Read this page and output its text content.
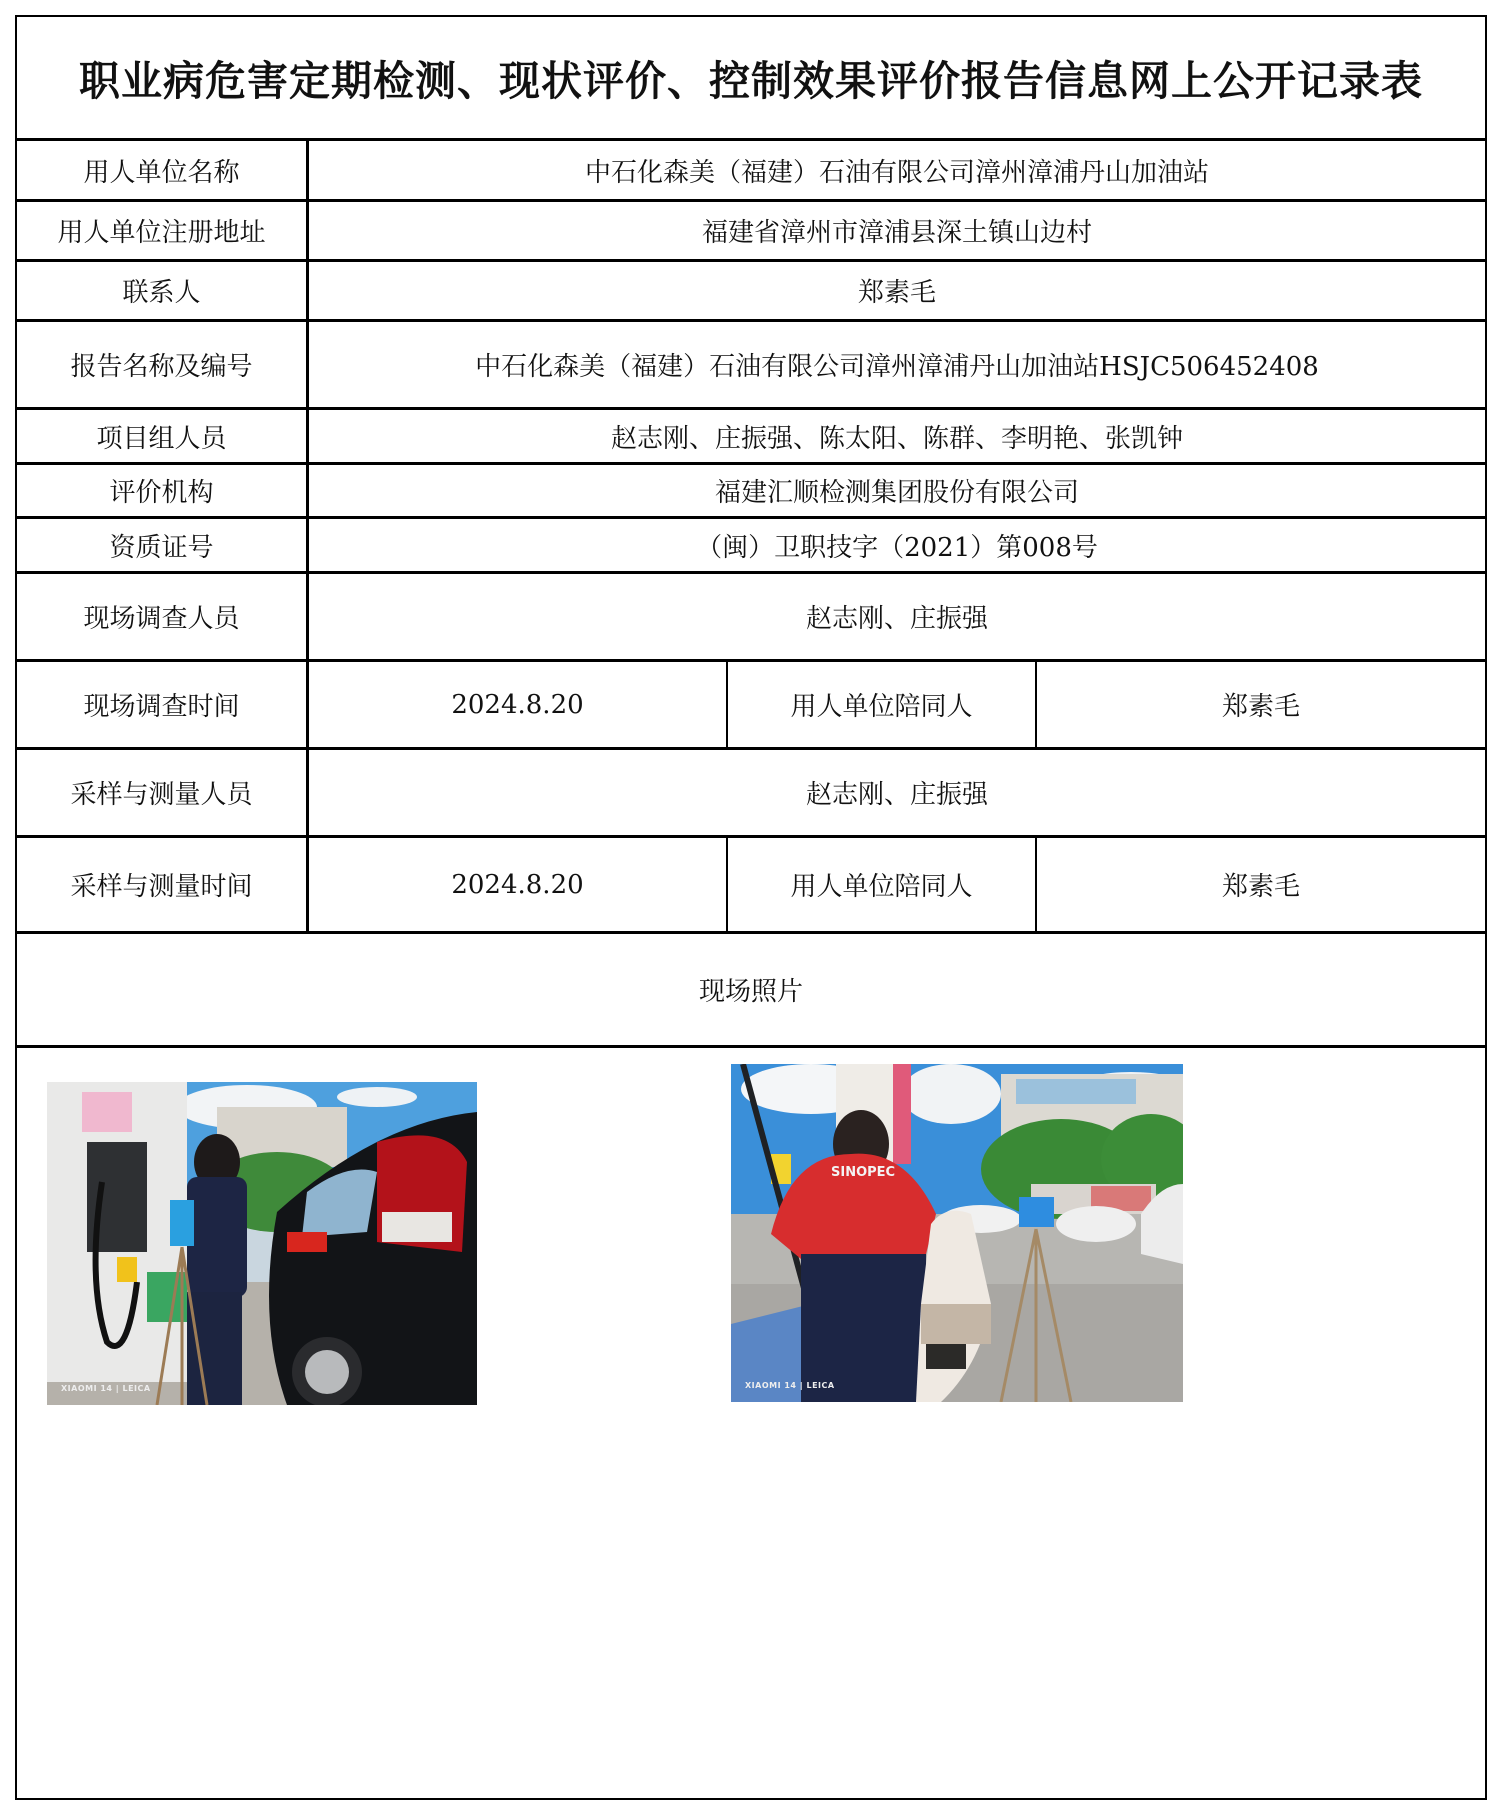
职业病危害定期检测、现状评价、控制效果评价报告信息网上公开记录表
用人单位名称	中石化森美（福建）石油有限公司漳州漳浦丹山加油站
用人单位注册地址	福建省漳州市漳浦县深土镇山边村
联系人	郑素毛
报告名称及编号	中石化森美（福建）石油有限公司漳州漳浦丹山加油站HSJC506452408
项目组人员	赵志刚、庄振强、陈太阳、陈群、李明艳、张凯钟
评价机构	福建汇顺检测集团股份有限公司
资质证号	（闽）卫职技字（2021）第008号
现场调查人员	赵志刚、庄振强
现场调查时间	2024.8.20	用人单位陪同人	郑素毛
采样与测量人员	赵志刚、庄振强
采样与测量时间	2024.8.20	用人单位陪同人	郑素毛
现场照片
XIAOMI 14 | LEICA
SINOPEC
XIAOMI 14 | LEICA
